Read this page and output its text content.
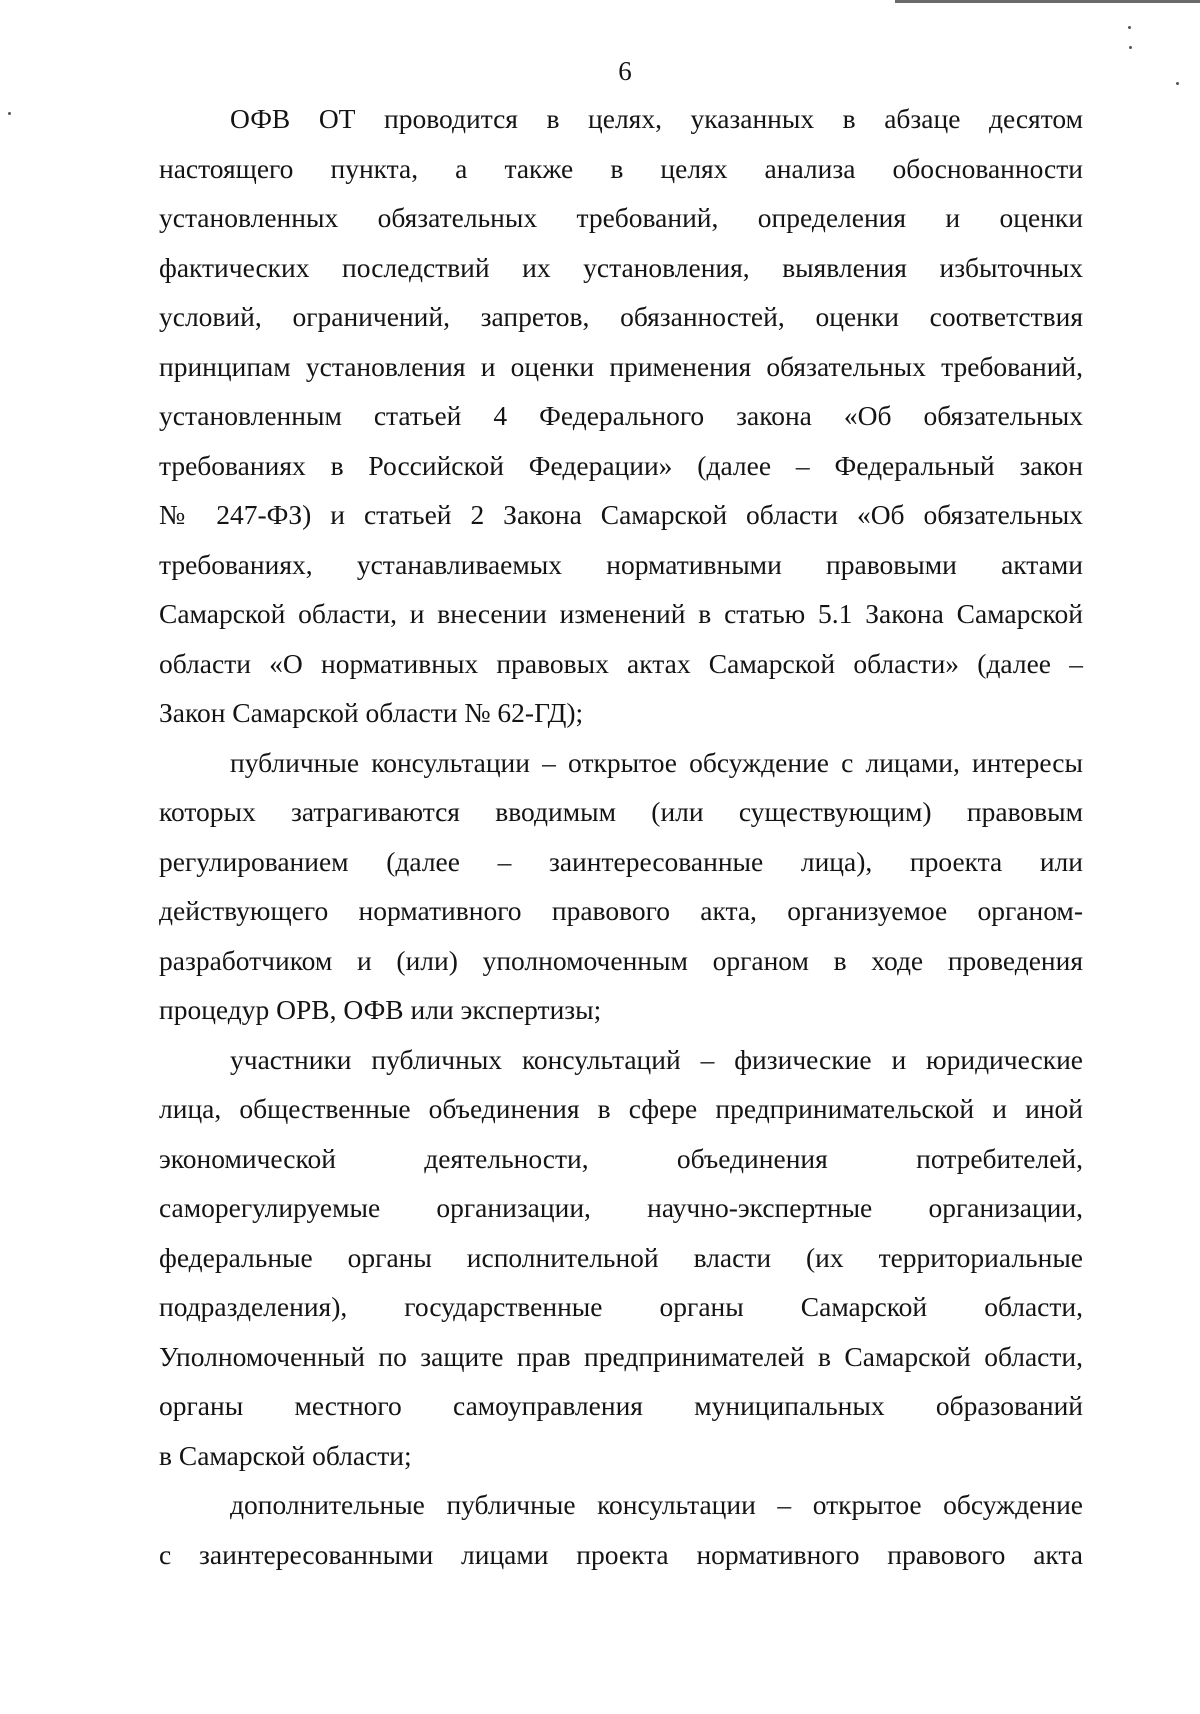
6
ОФВ ОТ проводится в целях, указанных в абзаце десятом
настоящего пункта, а также в целях анализа обоснованности
установленных обязательных требований, определения и оценки
фактических последствий их установления, выявления избыточных
условий, ограничений, запретов, обязанностей, оценки соответствия
принципам установления и оценки применения обязательных требований,
установленным статьей 4 Федерального закона «Об обязательных
требованиях в Российской Федерации» (далее – Федеральный закон
№ 247-ФЗ) и статьей 2 Закона Самарской области «Об обязательных
требованиях, устанавливаемых нормативными правовыми актами
Самарской области, и внесении изменений в статью 5.1 Закона Самарской
области «О нормативных правовых актах Самарской области» (далее –
Закон Самарской области № 62-ГД);
публичные консультации – открытое обсуждение с лицами, интересы
которых затрагиваются вводимым (или существующим) правовым
регулированием (далее – заинтересованные лица), проекта или
действующего нормативного правового акта, организуемое органом-
разработчиком и (или) уполномоченным органом в ходе проведения
процедур ОРВ, ОФВ или экспертизы;
участники публичных консультаций – физические и юридические
лица, общественные объединения в сфере предпринимательской и иной
экономической деятельности, объединения потребителей,
саморегулируемые организации, научно-экспертные организации,
федеральные органы исполнительной власти (их территориальные
подразделения), государственные органы Самарской области,
Уполномоченный по защите прав предпринимателей в Самарской области,
органы местного самоуправления муниципальных образований
в Самарской области;
дополнительные публичные консультации – открытое обсуждение
с заинтересованными лицами проекта нормативного правового акта
